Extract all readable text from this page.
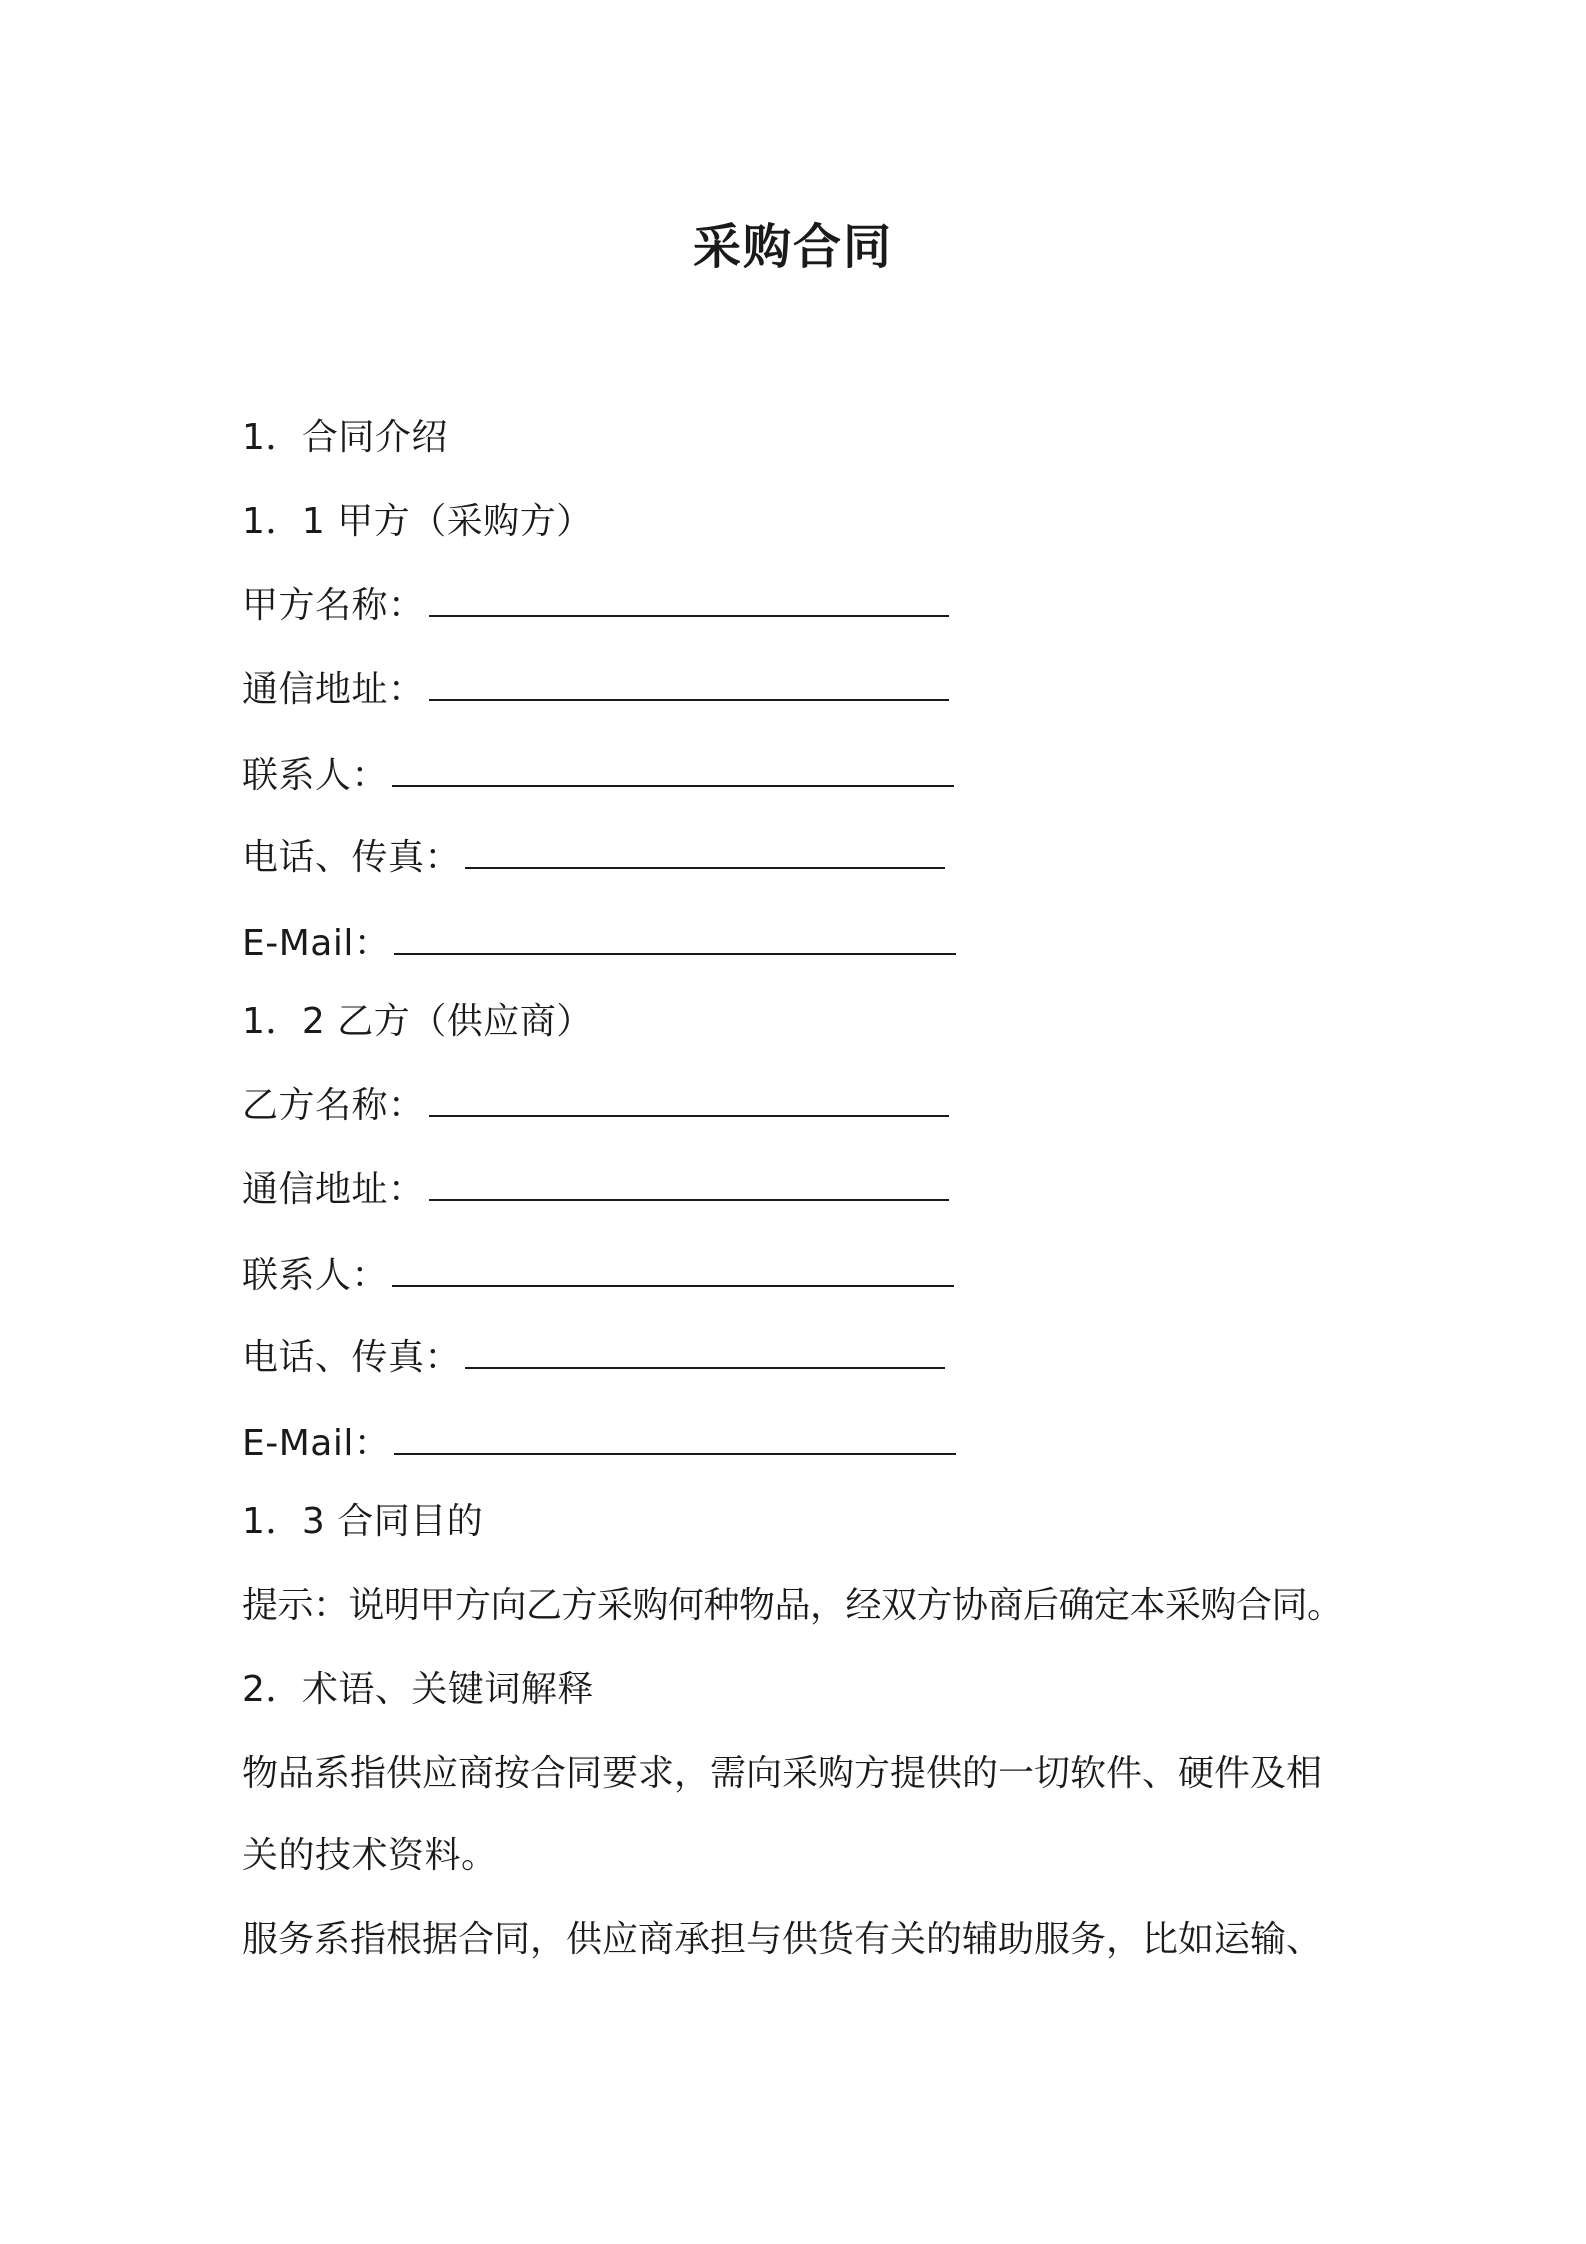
采购合同
1．合同介绍
1．1 甲方（采购方）
甲方名称：
通信地址：
联系人：
电话、传真：
E-Mail：
1．2 乙方（供应商）
乙方名称：
通信地址：
联系人：
电话、传真：
E-Mail：
1．3 合同目的
提示：说明甲方向乙方采购何种物品，经双方协商后确定本采购合同。
2．术语、关键词解释
物品系指供应商按合同要求，需向采购方提供的一切软件、硬件及相
关的技术资料。
服务系指根据合同，供应商承担与供货有关的辅助服务，比如运输、
